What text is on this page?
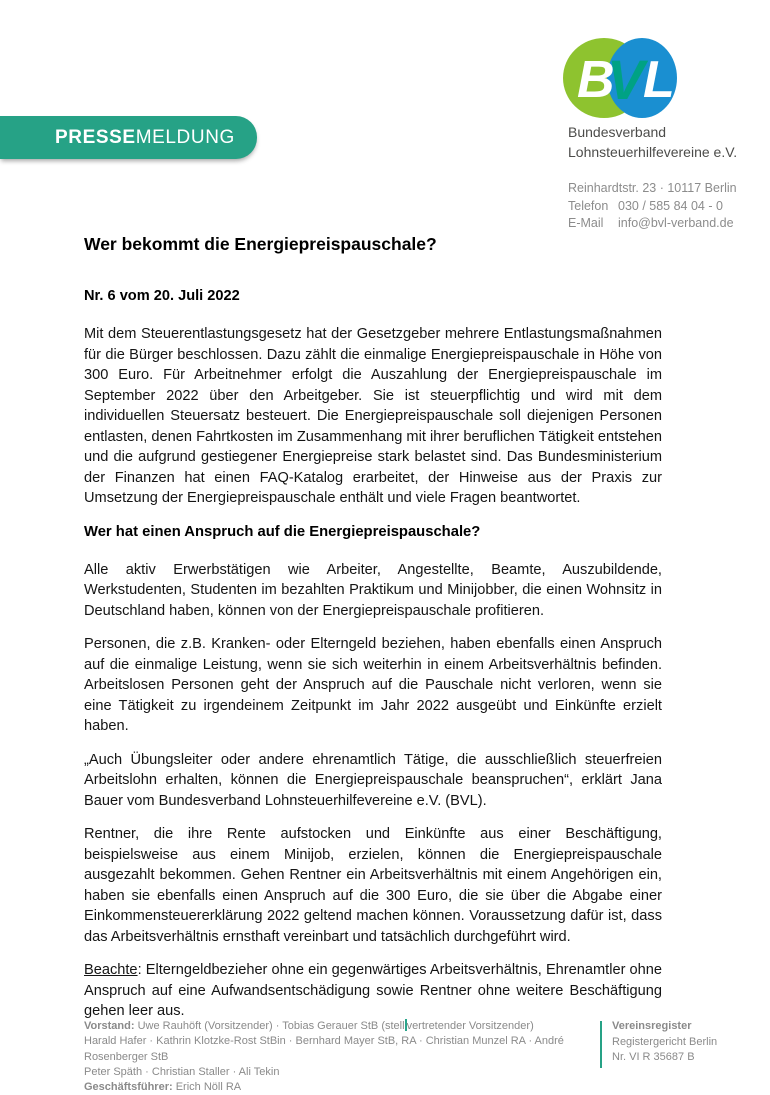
PRESSEMELDUNG
B
V
L
Bundesverband
Lohnsteuerhilfevereine e.V.
Reinhardtstr. 23 · 10117 Berlin
Telefon 030 / 585 84 04 - 0
E-Mail	info@bvl-verband.de
Wer bekommt die Energiepreispauschale?

Nr. 6 vom 20. Juli 2022

Mit dem Steuerentlastungsgesetz hat der Gesetzgeber mehrere Entlastungsmaßnahmen für die Bürger beschlossen. Dazu zählt die einmalige Energiepreispauschale in Höhe von 300 Euro. Für Arbeitnehmer erfolgt die Auszahlung der Energiepreispauschale im September 2022 über den Arbeitgeber. Sie ist steuerpflichtig und wird mit dem individuellen Steuersatz besteuert. Die Energiepreispauschale soll diejenigen Personen entlasten, denen Fahrtkosten im Zusammenhang mit ihrer beruflichen Tätigkeit entstehen und die aufgrund gestiegener Energiepreise stark belastet sind. Das Bundesministerium der Finanzen hat einen FAQ-Katalog erarbeitet, der Hinweise aus der Praxis zur Umsetzung der Energiepreispauschale enthält und viele Fragen beantwortet.

Wer hat einen Anspruch auf die Energiepreispauschale?

Alle aktiv Erwerbstätigen wie Arbeiter, Angestellte, Beamte, Auszubildende, Werkstudenten, Studenten im bezahlten Praktikum und Minijobber, die einen Wohnsitz in Deutschland haben, können von der Energiepreispauschale profitieren.

Personen, die z.B. Kranken- oder Elterngeld beziehen, haben ebenfalls einen Anspruch auf die einmalige Leistung, wenn sie sich weiterhin in einem Arbeitsverhältnis befinden. Arbeitslosen Personen geht der Anspruch auf die Pauschale nicht verloren, wenn sie eine Tätigkeit zu irgendeinem Zeitpunkt im Jahr 2022 ausgeübt und Einkünfte erzielt haben.

„Auch Übungsleiter oder andere ehrenamtlich Tätige, die ausschließlich steuerfreien Arbeitslohn erhalten, können die Energiepreispauschale beanspruchen“, erklärt Jana Bauer vom Bundesverband Lohnsteuerhilfevereine e.V. (BVL).

Rentner, die ihre Rente aufstocken und Einkünfte aus einer Beschäftigung, beispielsweise aus einem Minijob, erzielen, können die Energiepreispauschale ausgezahlt bekommen. Gehen Rentner ein Arbeitsverhältnis mit einem Angehörigen ein, haben sie ebenfalls einen Anspruch auf die 300 Euro, die sie über die Abgabe einer Einkommensteuererklärung 2022 geltend machen können. Voraussetzung dafür ist, dass das Arbeitsverhältnis ernsthaft vereinbart und tatsächlich durchgeführt wird.

Beachte: Elterngeldbezieher ohne ein gegenwärtiges Arbeitsverhältnis, Ehrenamtler ohne Anspruch auf eine Aufwandsentschädigung sowie Rentner ohne weitere Beschäftigung gehen leer aus.

Vorstand: Uwe Rauhöft (Vorsitzender) · Tobias Gerauer StB (stell vertretender Vorsitzender)
Harald Hafer · Kathrin Klotzke-Rost StBin · Bernhard Mayer StB, RA · Christian Munzel RA · André Rosenberger StB
Peter Späth · Christian Staller · Ali Tekin
Geschäftsführer: Erich Nöll RA
Vereinsregister
Registergericht Berlin
Nr. VI R 35687 B
